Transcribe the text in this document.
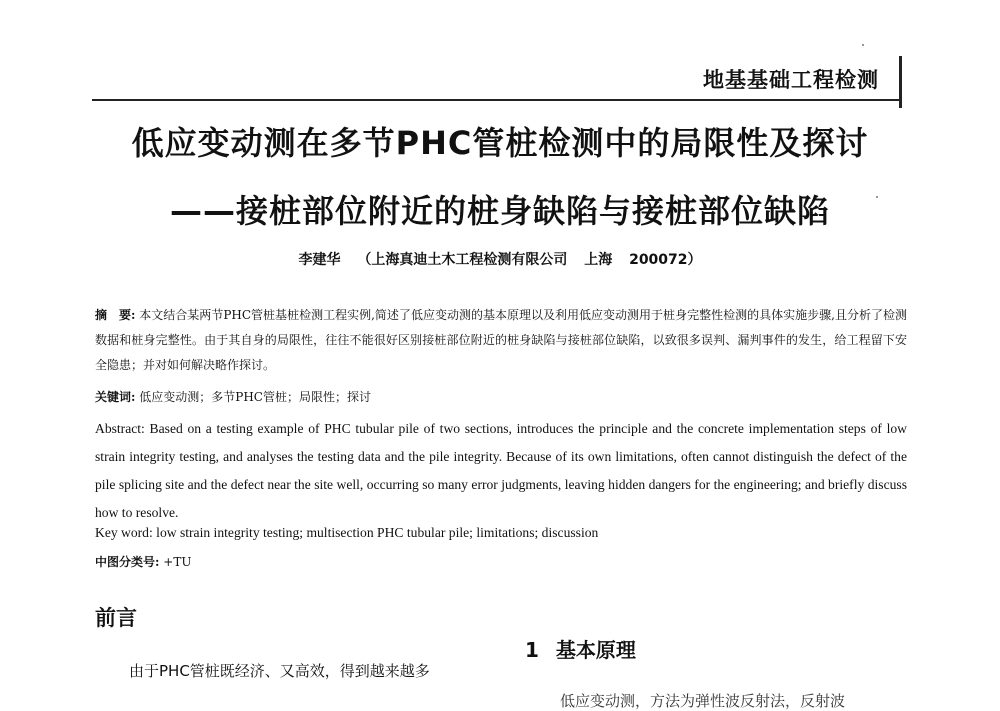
地基基础工程检测
低应变动测在多节PHC管桩检测中的局限性及探讨
——接桩部位附近的桩身缺陷与接桩部位缺陷
李建华 （上海真迪土木工程检测有限公司 上海 200072）
摘　要: 本文结合某两节PHC管桩基桩检测工程实例,简述了低应变动测的基本原理以及利用低应变动测用于桩身完整性检测的具体实施步骤,且分析了检测数据和桩身完整性。由于其自身的局限性，往往不能很好区别接桩部位附近的桩身缺陷与接桩部位缺陷，以致很多误判、漏判事件的发生，给工程留下安全隐患；并对如何解决略作探讨。
关键词: 低应变动测；多节PHC管桩；局限性；探讨
Abstract: Based on a testing example of PHC tubular pile of two sections, introduces the principle and the concrete implementation steps of low strain integrity testing, and analyses the testing data and the pile integrity. Because of its own limitations, often cannot distinguish the defect of the pile splicing site and the defect near the site well, occurring so many error judgments, leaving hidden dangers for the engineering; and briefly discuss how to resolve.
Key word: low strain integrity testing; multisection PHC tubular pile; limitations; discussion
中图分类号: +TU
前言
1 基本原理
由于PHC管桩既经济、又高效，得到越来越多
低应变动测，方法为弹性波反射法，反射波
